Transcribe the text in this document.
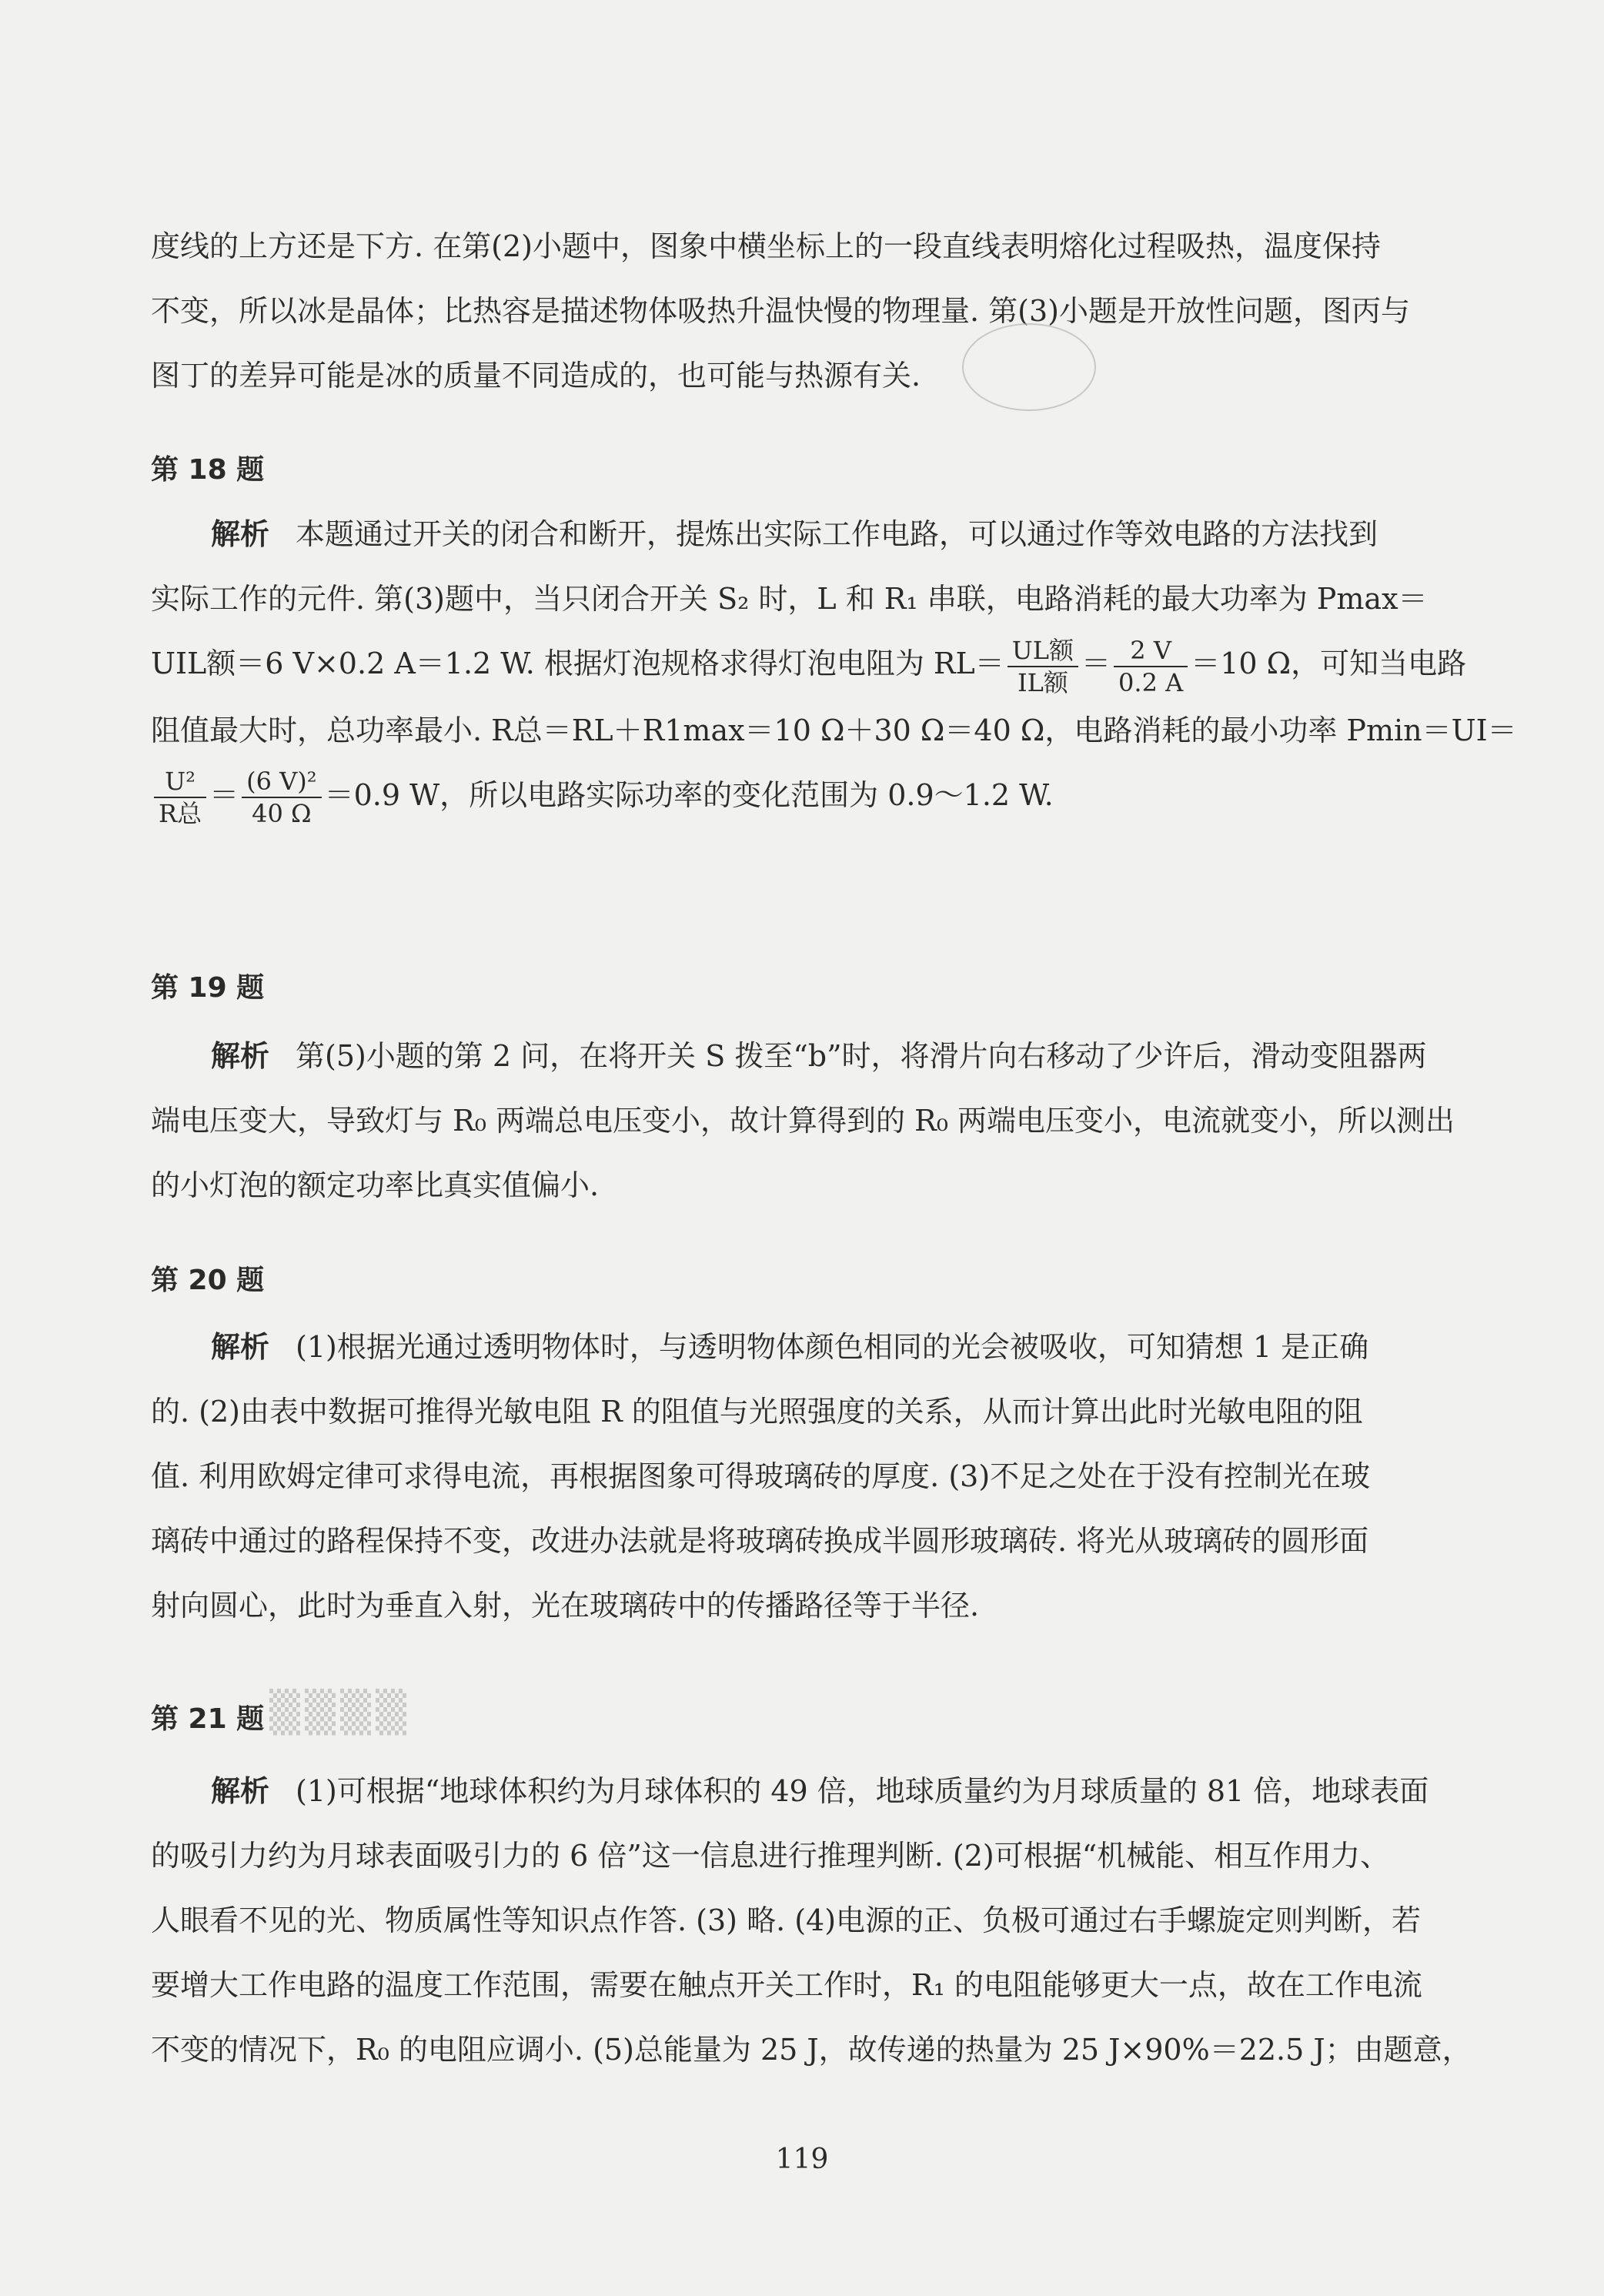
度线的上方还是下方. 在第(2)小题中，图象中横坐标上的一段直线表明熔化过程吸热，温度保持
不变，所以冰是晶体；比热容是描述物体吸热升温快慢的物理量. 第(3)小题是开放性问题，图丙与
图丁的差异可能是冰的质量不同造成的，也可能与热源有关.
第 18 题
解析 本题通过开关的闭合和断开，提炼出实际工作电路，可以通过作等效电路的方法找到
实际工作的元件. 第(3)题中，当只闭合开关 S₂ 时，L 和 R₁ 串联，电路消耗的最大功率为 Pmax＝
UIL额＝6 V×0.2 A＝1.2 W. 根据灯泡规格求得灯泡电阻为 $RL= \frac{\text{UL额}}{\text{IL额}} = \frac{2 V}{0.2 A} =10$ Ω，可知当电路
阻值最大时，总功率最小. R总＝RL＋R1max＝10 Ω＋30 Ω＝40 Ω，电路消耗的最小功率 Pmin＝UI＝
$\frac{\text{U²}}{\text{R总}} = \frac{\text{(6 V)²}}{40 \Omega} =0.9$ W，所以电路实际功率的变化范围为 0.9～1.2 W.
第 19 题
解析 第(5)小题的第 2 问，在将开关 S 拨至“b”时，将滑片向右移动了少许后，滑动变阻器两
端电压变大，导致灯与 R₀ 两端总电压变小，故计算得到的 R₀ 两端电压变小，电流就变小，所以测出
的小灯泡的额定功率比真实值偏小.
第 20 题
解析 (1)根据光通过透明物体时，与透明物体颜色相同的光会被吸收，可知猜想 1 是正确
的. (2)由表中数据可推得光敏电阻 R 的阻值与光照强度的关系，从而计算出此时光敏电阻的阻
值. 利用欧姆定律可求得电流，再根据图象可得玻璃砖的厚度. (3)不足之处在于没有控制光在玻
璃砖中通过的路程保持不变，改进办法就是将玻璃砖换成半圆形玻璃砖. 将光从玻璃砖的圆形面
射向圆心，此时为垂直入射，光在玻璃砖中的传播路径等于半径.
第 21 题 ▒▒▒▒
解析 (1)可根据“地球体积约为月球体积的 49 倍，地球质量约为月球质量的 81 倍，地球表面
的吸引力约为月球表面吸引力的 6 倍”这一信息进行推理判断. (2)可根据“机械能、相互作用力、
人眼看不见的光、物质属性等知识点作答. (3) 略. (4)电源的正、负极可通过右手螺旋定则判断，若
要增大工作电路的温度工作范围，需要在触点开关工作时，R₁ 的电阻能够更大一点，故在工作电流
不变的情况下，R₀ 的电阻应调小. (5)总能量为 25 J，故传递的热量为 25 J×90%＝22.5 J；由题意，
119
